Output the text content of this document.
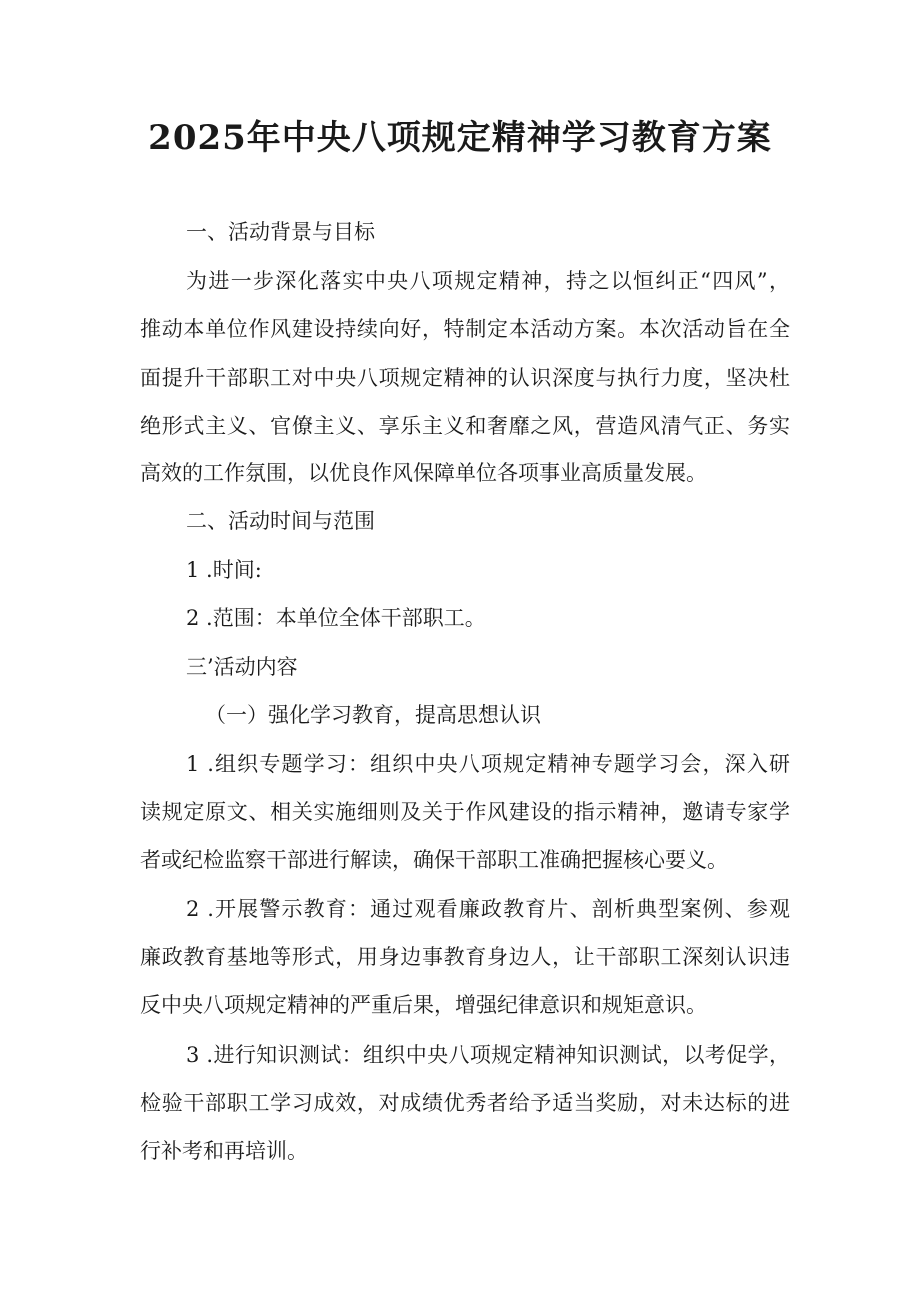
2025年中央八项规定精神学习教育方案

一、活动背景与目标

为进一步深化落实中央八项规定精神，持之以恒纠正“四风”，

推动本单位作风建设持续向好，特制定本活动方案。本次活动旨在全

面提升干部职工对中央八项规定精神的认识深度与执行力度，坚决杜

绝形式主义、官僚主义、享乐主义和奢靡之风，营造风清气正、务实

高效的工作氛围，以优良作风保障单位各项事业高质量发展。

二、活动时间与范围

1 .时间:

2 .范围：本单位全体干部职工。

三’活动内容

（一）强化学习教育，提高思想认识

1 .组织专题学习：组织中央八项规定精神专题学习会，深入研

读规定原文、相关实施细则及关于作风建设的指示精神，邀请专家学

者或纪检监察干部进行解读，确保干部职工准确把握核心要义。

2 .开展警示教育：通过观看廉政教育片、剖析典型案例、参观

廉政教育基地等形式，用身边事教育身边人，让干部职工深刻认识违

反中央八项规定精神的严重后果，增强纪律意识和规矩意识。

3 .进行知识测试：组织中央八项规定精神知识测试，以考促学，

检验干部职工学习成效，对成绩优秀者给予适当奖励，对未达标的进

行补考和再培训。
